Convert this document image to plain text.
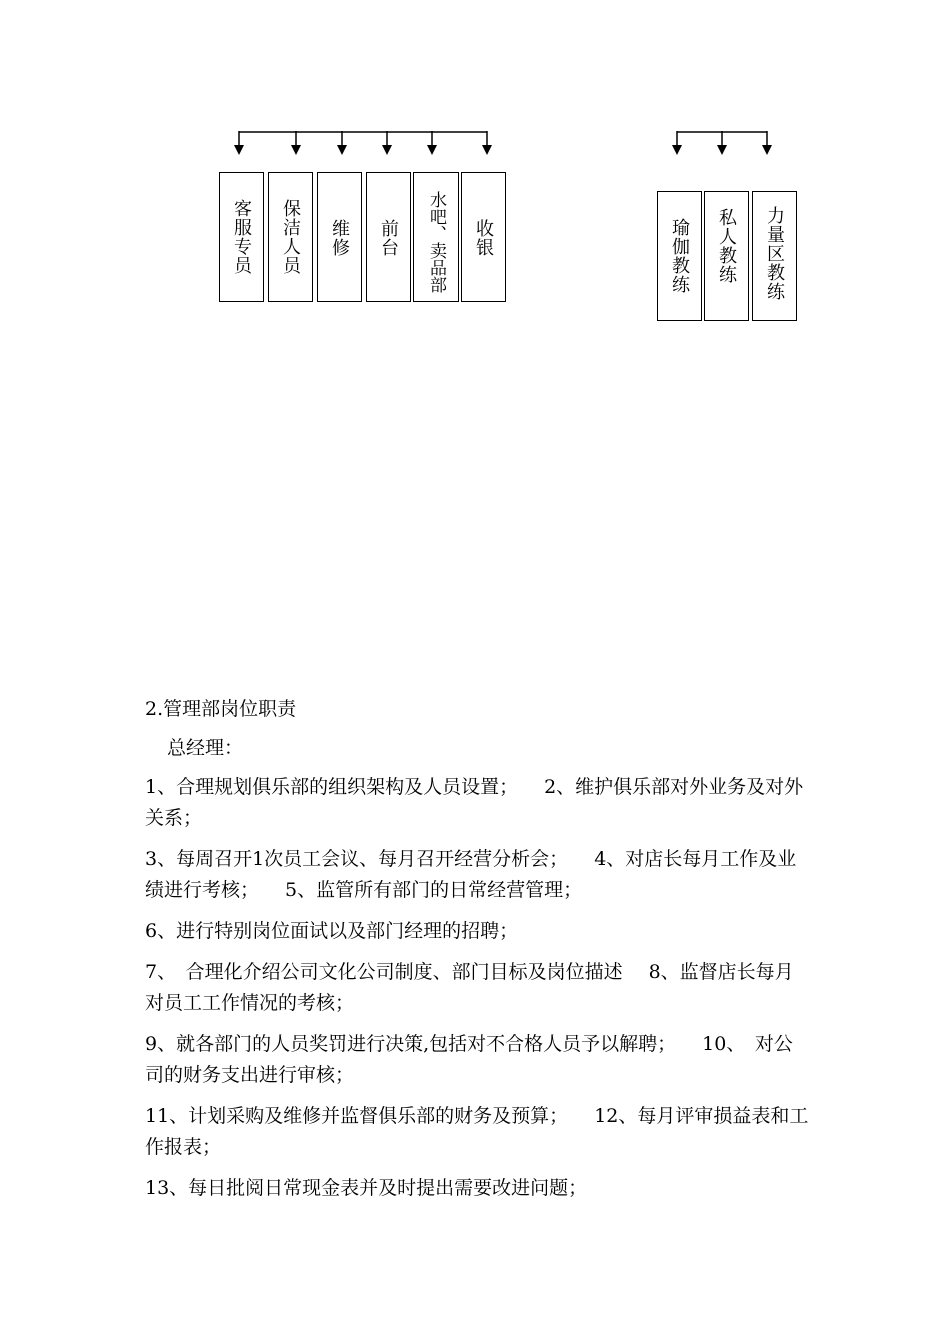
客服专员 保洁人员 维修 前台 水吧、卖品部 收银	瑜伽教练 私人教练 力量区教练

2.管理部岗位职责

总经理：

1、合理规划俱乐部的组织架构及人员设置； 2、维护俱乐部对外业务及对外关系；

3、每周召开1次员工会议、每月召开经营分析会； 4、对店长每月工作及业绩进行考核； 5、监管所有部门的日常经营管理；

6、进行特别岗位面试以及部门经理的招聘；

7、　合理化介绍公司文化公司制度、部门目标及岗位描述 8、监督店长每月对员工工作情况的考核；

9、就各部门的人员奖罚进行决策,包括对不合格人员予以解聘； 10、　对公司的财务支出进行审核；

11、计划采购及维修并监督俱乐部的财务及预算； 12、每月评审损益表和工作报表；

13、每日批阅日常现金表并及时提出需要改进问题；
